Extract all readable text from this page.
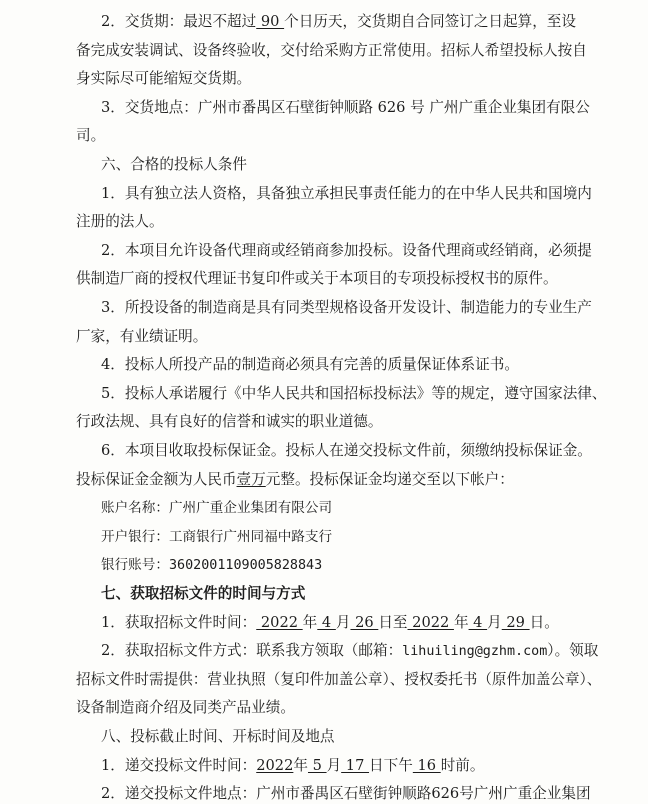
2．交货期：最迟不超过 90 个日历天，交货期自合同签订之日起算，至设
备完成安装调试、设备终验收，交付给采购方正常使用。招标人希望投标人按自
身实际尽可能缩短交货期。
3．交货地点：广州市番禺区石壁街钟顺路 626 号 广州广重企业集团有限公
司。
六、合格的投标人条件
1．具有独立法人资格，具备独立承担民事责任能力的在中华人民共和国境内
注册的法人。
2．本项目允许设备代理商或经销商参加投标。设备代理商或经销商，必须提
供制造厂商的授权代理证书复印件或关于本项目的专项投标授权书的原件。
3．所投设备的制造商是具有同类型规格设备开发设计、制造能力的专业生产
厂家，有业绩证明。
4．投标人所投产品的制造商必须具有完善的质量保证体系证书。
5．投标人承诺履行《中华人民共和国招标投标法》等的规定，遵守国家法律、
行政法规、具有良好的信誉和诚实的职业道德。
6．本项目收取投标保证金。投标人在递交投标文件前，须缴纳投标保证金。
投标保证金金额为人民币壹万元整。投标保证金均递交至以下帐户：
账户名称：广州广重企业集团有限公司
开户银行：工商银行广州同福中路支行
银行账号：3602001109005828843
七、获取招标文件的时间与方式
1．获取招标文件时间： 2022 年 4 月 26 日至 2022 年 4 月 29 日。
2．获取招标文件方式：联系我方领取（邮箱：lihuiling@gzhm.com）。领取
招标文件时需提供：营业执照（复印件加盖公章）、授权委托书（原件加盖公章）、
设备制造商介绍及同类产品业绩。
八、投标截止时间、开标时间及地点
1．递交投标文件时间：2022年 5 月 17 日下午 16 时前。
2．递交投标文件地点：广州市番禺区石壁街钟顺路626号广州广重企业集团
